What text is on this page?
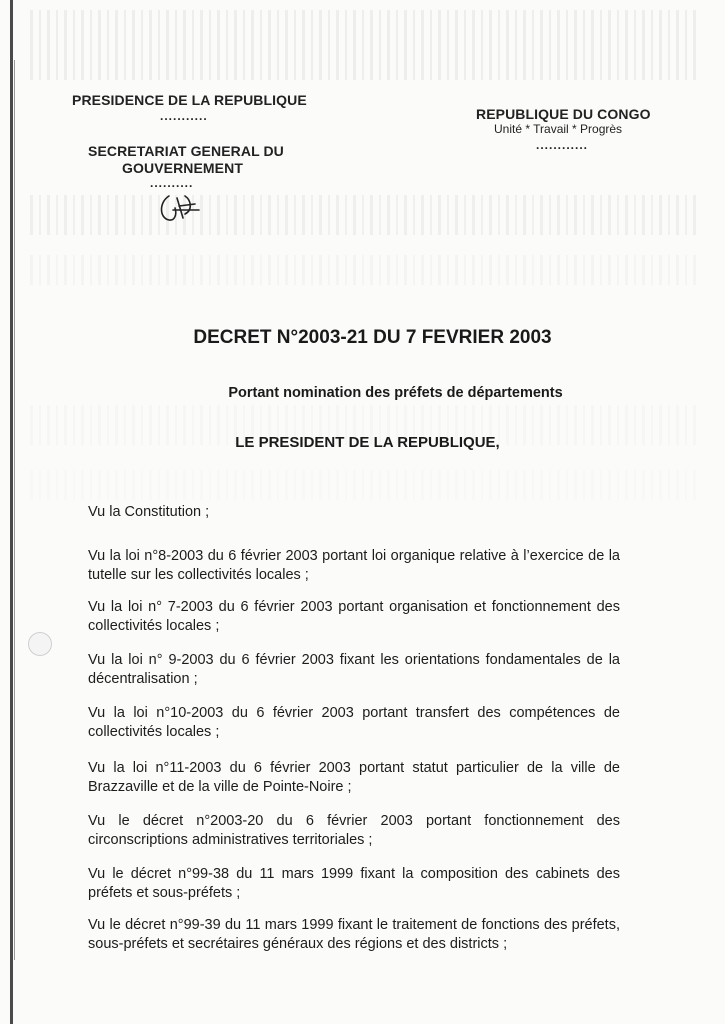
PRESIDENCE DE LA REPUBLIQUE
...........
SECRETARIAT GENERAL DU
GOUVERNEMENT
..........
REPUBLIQUE DU CONGO
Unité * Travail * Progrès
............
DECRET N°2003-21 DU 7 FEVRIER 2003
Portant nomination des préfets de départements
LE PRESIDENT DE LA REPUBLIQUE,
Vu la Constitution ;
Vu la loi n°8-2003 du 6 février 2003 portant loi organique relative à l’exercice de la tutelle sur les collectivités locales ;
Vu la loi n° 7-2003 du 6 février 2003 portant organisation et fonctionnement des collectivités locales ;
Vu la loi n° 9-2003 du 6 février 2003 fixant les orientations fondamentales de la décentralisation ;
Vu la loi n°10-2003 du 6 février 2003 portant transfert des compétences de collectivités locales ;
Vu la loi n°11-2003 du 6 février 2003 portant statut particulier de la ville de Brazzaville et de la ville de Pointe-Noire ;
Vu le décret n°2003-20 du 6 février 2003 portant fonctionnement des circonscriptions administratives territoriales ;
Vu le décret n°99-38 du 11 mars 1999 fixant la composition des cabinets des préfets et sous-préfets ;
Vu le décret n°99-39 du 11 mars 1999 fixant le traitement de fonctions des préfets, sous-préfets et secrétaires généraux des régions et des districts ;
